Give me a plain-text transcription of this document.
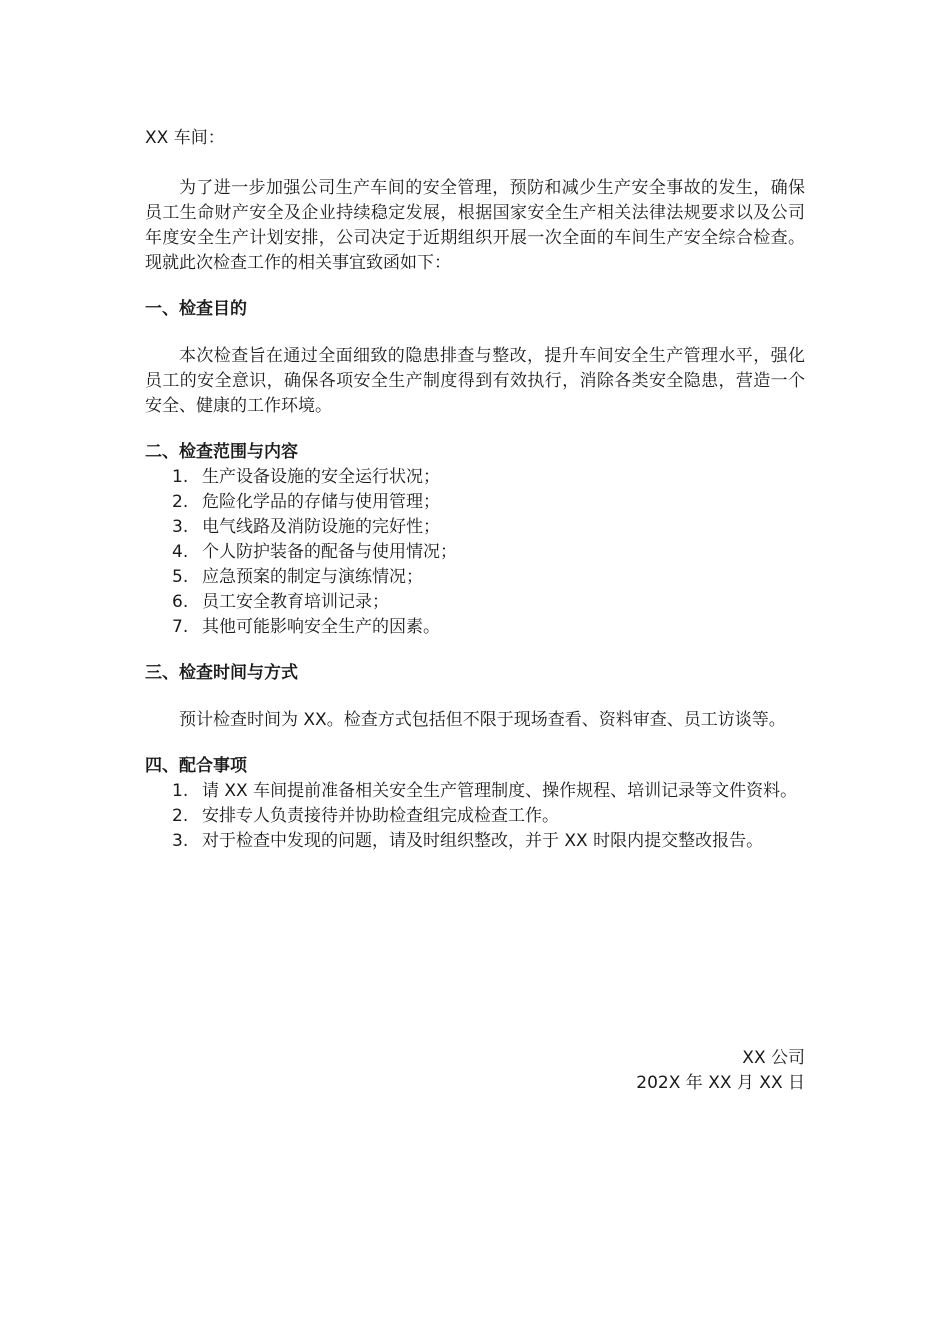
XX 车间：

为了进一步加强公司生产车间的安全管理，预防和减少生产安全事故的发生，确保员工生命财产安全及企业持续稳定发展，根据国家安全生产相关法律法规要求以及公司年度安全生产计划安排，公司决定于近期组织开展一次全面的车间生产安全综合检查。现就此次检查工作的相关事宜致函如下：

一、检查目的

本次检查旨在通过全面细致的隐患排查与整改，提升车间安全生产管理水平，强化员工的安全意识，确保各项安全生产制度得到有效执行，消除各类安全隐患，营造一个安全、健康的工作环境。

二、检查范围与内容

1. 生产设备设施的安全运行状况；
2. 危险化学品的存储与使用管理；
3. 电气线路及消防设施的完好性；
4. 个人防护装备的配备与使用情况；
5. 应急预案的制定与演练情况；
6. 员工安全教育培训记录；
7. 其他可能影响安全生产的因素。

三、检查时间与方式

预计检查时间为 XX。检查方式包括但不限于现场查看、资料审查、员工访谈等。

四、配合事项

1. 请 XX 车间提前准备相关安全生产管理制度、操作规程、培训记录等文件资料。
2. 安排专人负责接待并协助检查组完成检查工作。
3. 对于检查中发现的问题，请及时组织整改，并于 XX 时限内提交整改报告。
XX 公司
202X 年 XX 月 XX 日
